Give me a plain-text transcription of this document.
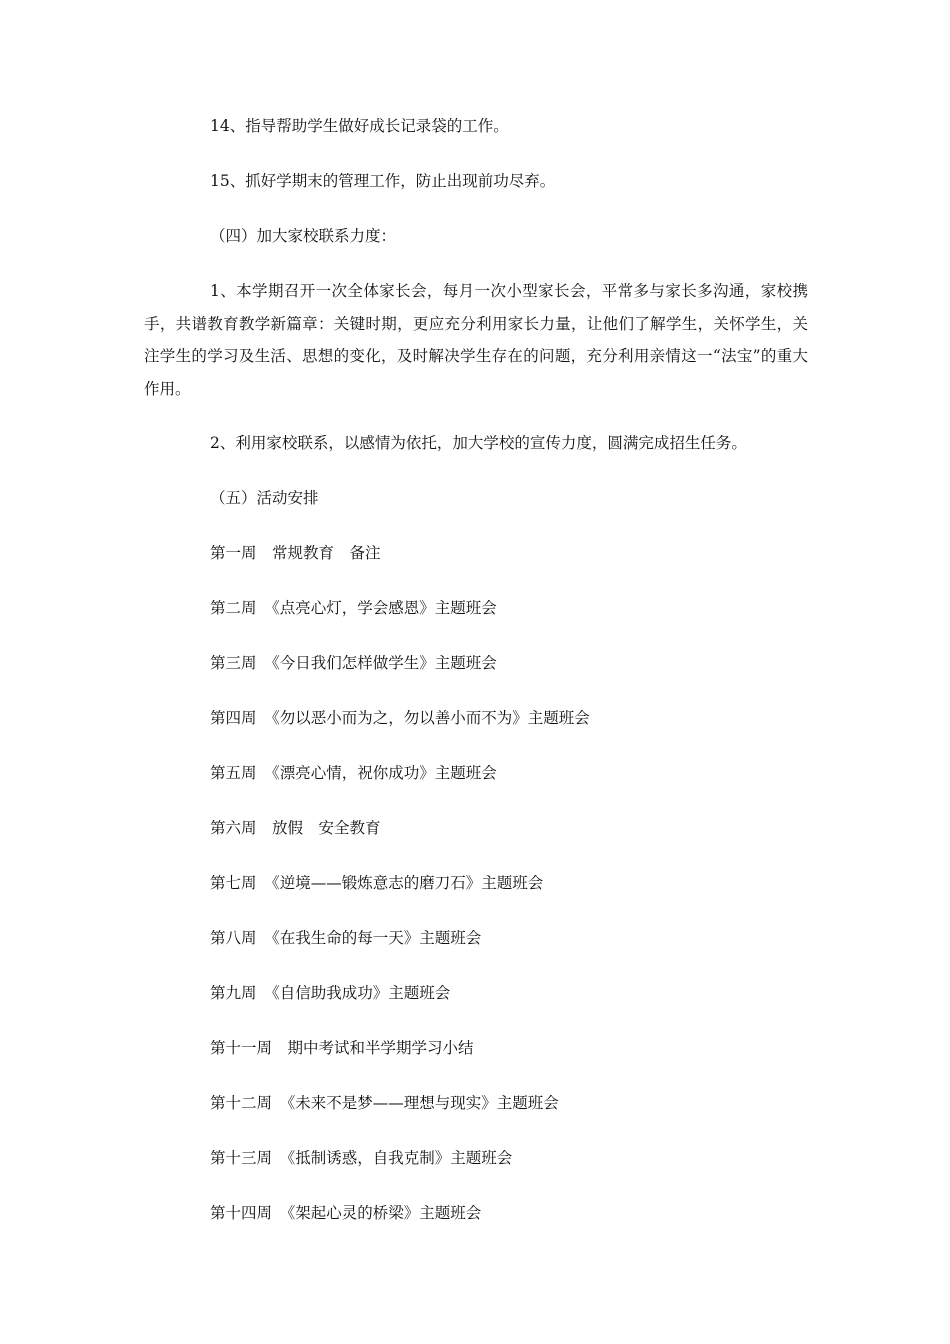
14、指导帮助学生做好成长记录袋的工作。
15、抓好学期末的管理工作，防止出现前功尽弃。
（四）加大家校联系力度：
1、本学期召开一次全体家长会，每月一次小型家长会，平常多与家长多沟通，家校携手，共谱教育教学新篇章：关键时期，更应充分利用家长力量，让他们了解学生，关怀学生，关注学生的学习及生活、思想的变化，及时解决学生存在的问题，充分利用亲情这一“法宝”的重大作用。
2、利用家校联系，以感情为依托，加大学校的宣传力度，圆满完成招生任务。
（五）活动安排
第一周　常规教育　备注
第二周　《点亮心灯，学会感恩》主题班会
第三周　《今日我们怎样做学生》主题班会
第四周　《勿以恶小而为之，勿以善小而不为》主题班会
第五周　《漂亮心情，祝你成功》主题班会
第六周　放假　安全教育
第七周　《逆境——锻炼意志的磨刀石》主题班会
第八周　《在我生命的每一天》主题班会
第九周　《自信助我成功》主题班会
第十一周　期中考试和半学期学习小结
第十二周　《未来不是梦——理想与现实》主题班会
第十三周　《抵制诱惑，自我克制》主题班会
第十四周　《架起心灵的桥梁》主题班会
